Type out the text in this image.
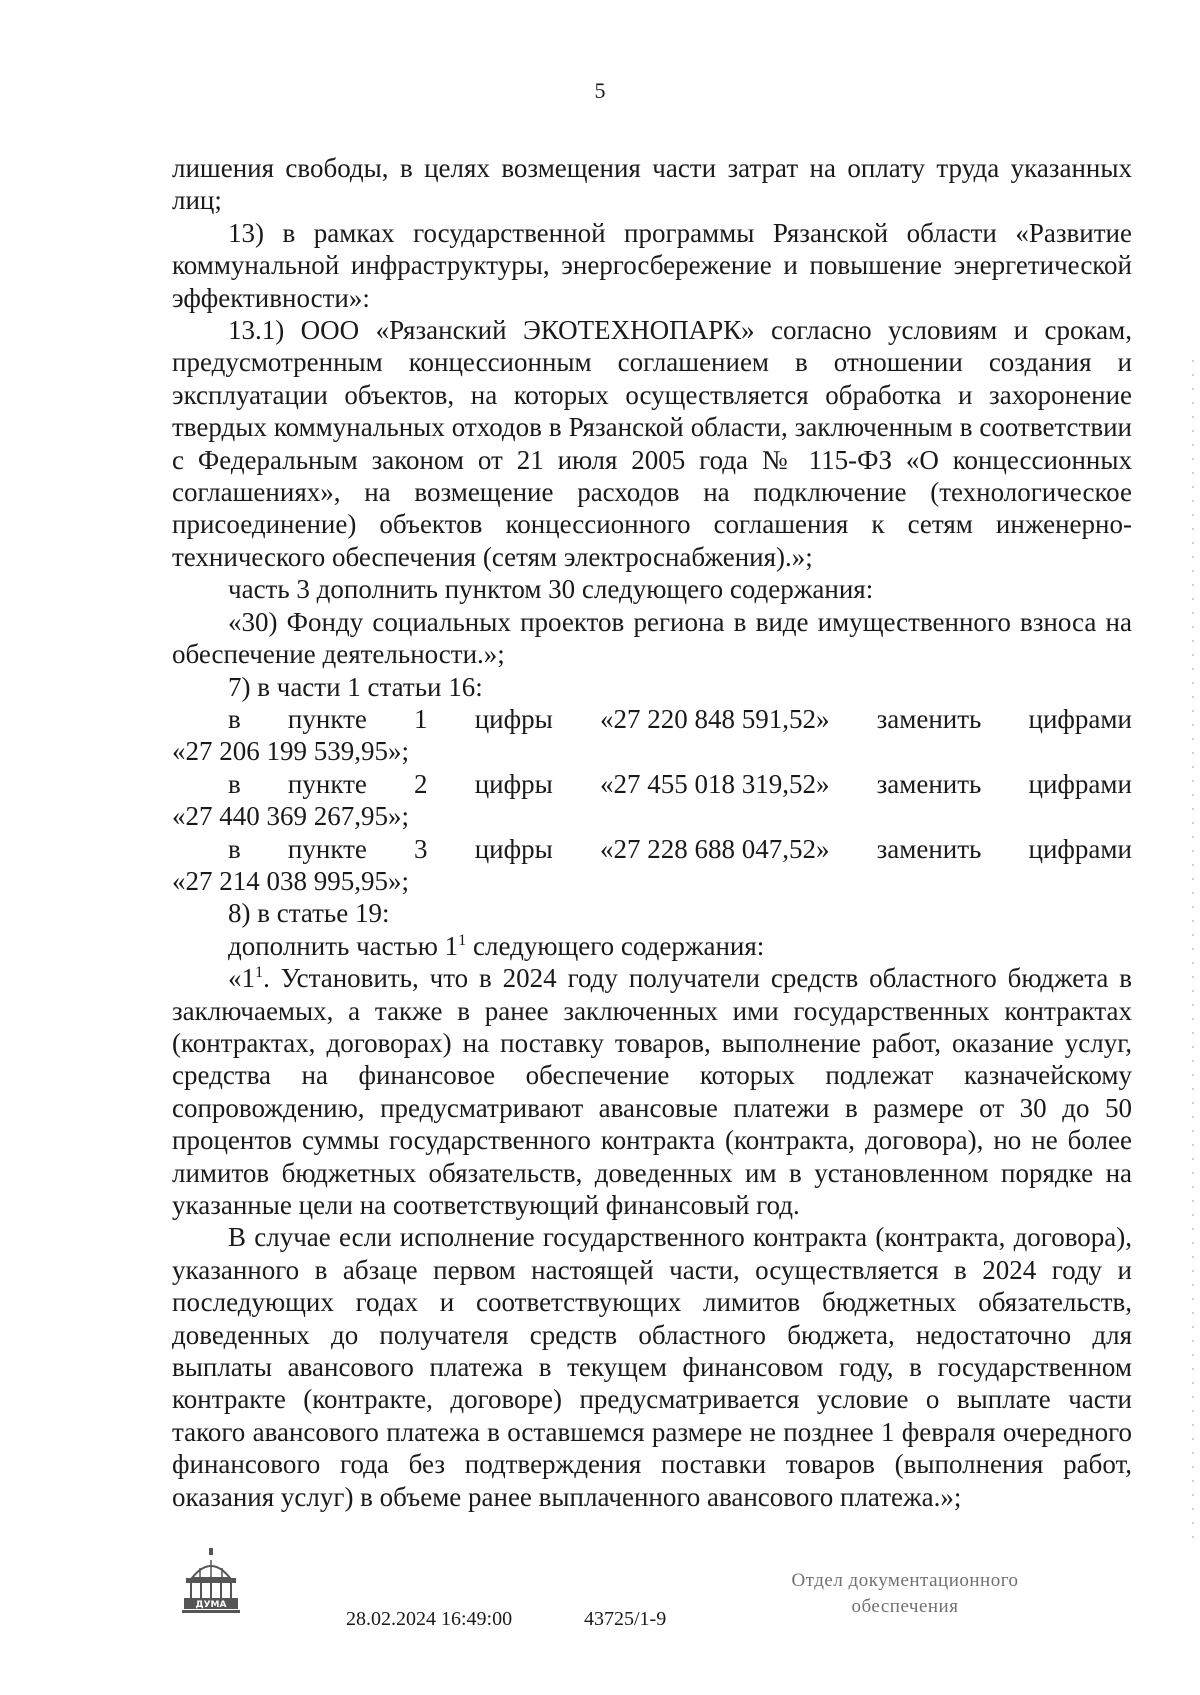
5

лишения свободы, в целях возмещения части затрат на оплату труда указанных лиц;

13) в рамках государственной программы Рязанской области «Развитие коммунальной инфраструктуры, энергосбережение и повышение энергетической эффективности»:

13.1) ООО «Рязанский ЭКОТЕХНОПАРК» согласно условиям и срокам, предусмотренным концессионным соглашением в отношении создания и эксплуатации объектов, на которых осуществляется обработка и захоронение твердых коммунальных отходов в Рязанской области, заключенным в соответствии с Федеральным законом от 21 июля 2005 года № 115-ФЗ «О концессионных соглашениях», на возмещение расходов на подключение (технологическое присоединение) объектов концессионного соглашения к сетям инженерно-технического обеспечения (сетям электроснабжения).»;

часть 3 дополнить пунктом 30 следующего содержания:

«30) Фонду социальных проектов региона в виде имущественного взноса на обеспечение деятельности.»;

7) в части 1 статьи 16:

в пункте 1 цифры «27 220 848 591,52» заменить цифрами

«27 206 199 539,95»;

в пункте 2 цифры «27 455 018 319,52» заменить цифрами

«27 440 369 267,95»;

в пункте 3 цифры «27 228 688 047,52» заменить цифрами

«27 214 038 995,95»;

8) в статье 19:

дополнить частью $1^1$ следующего содержания:

«$1^1$. Установить, что в 2024 году получатели средств областного бюджета в заключаемых, а также в ранее заключенных ими государственных контрактах (контрактах, договорах) на поставку товаров, выполнение работ, оказание услуг, средства на финансовое обеспечение которых подлежат казначейскому сопровождению, предусматривают авансовые платежи в размере от 30 до 50 процентов суммы государственного контракта (контракта, договора), но не более лимитов бюджетных обязательств, доведенных им в установленном порядке на указанные цели на соответствующий финансовый год.

В случае если исполнение государственного контракта (контракта, договора), указанного в абзаце первом настоящей части, осуществляется в 2024 году и последующих годах и соответствующих лимитов бюджетных обязательств, доведенных до получателя средств областного бюджета, недостаточно для выплаты авансового платежа в текущем финансовом году, в государственном контракте (контракте, договоре) предусматривается условие о выплате части такого авансового платежа в оставшемся размере не позднее 1 февраля очередного финансового года без подтверждения поставки товаров (выполнения работ, оказания услуг) в объеме ранее выплаченного авансового платежа.»;

ДУМА
28.02.2024 16:49:00	43725/1-9
Отдел документационного
обеспечения
